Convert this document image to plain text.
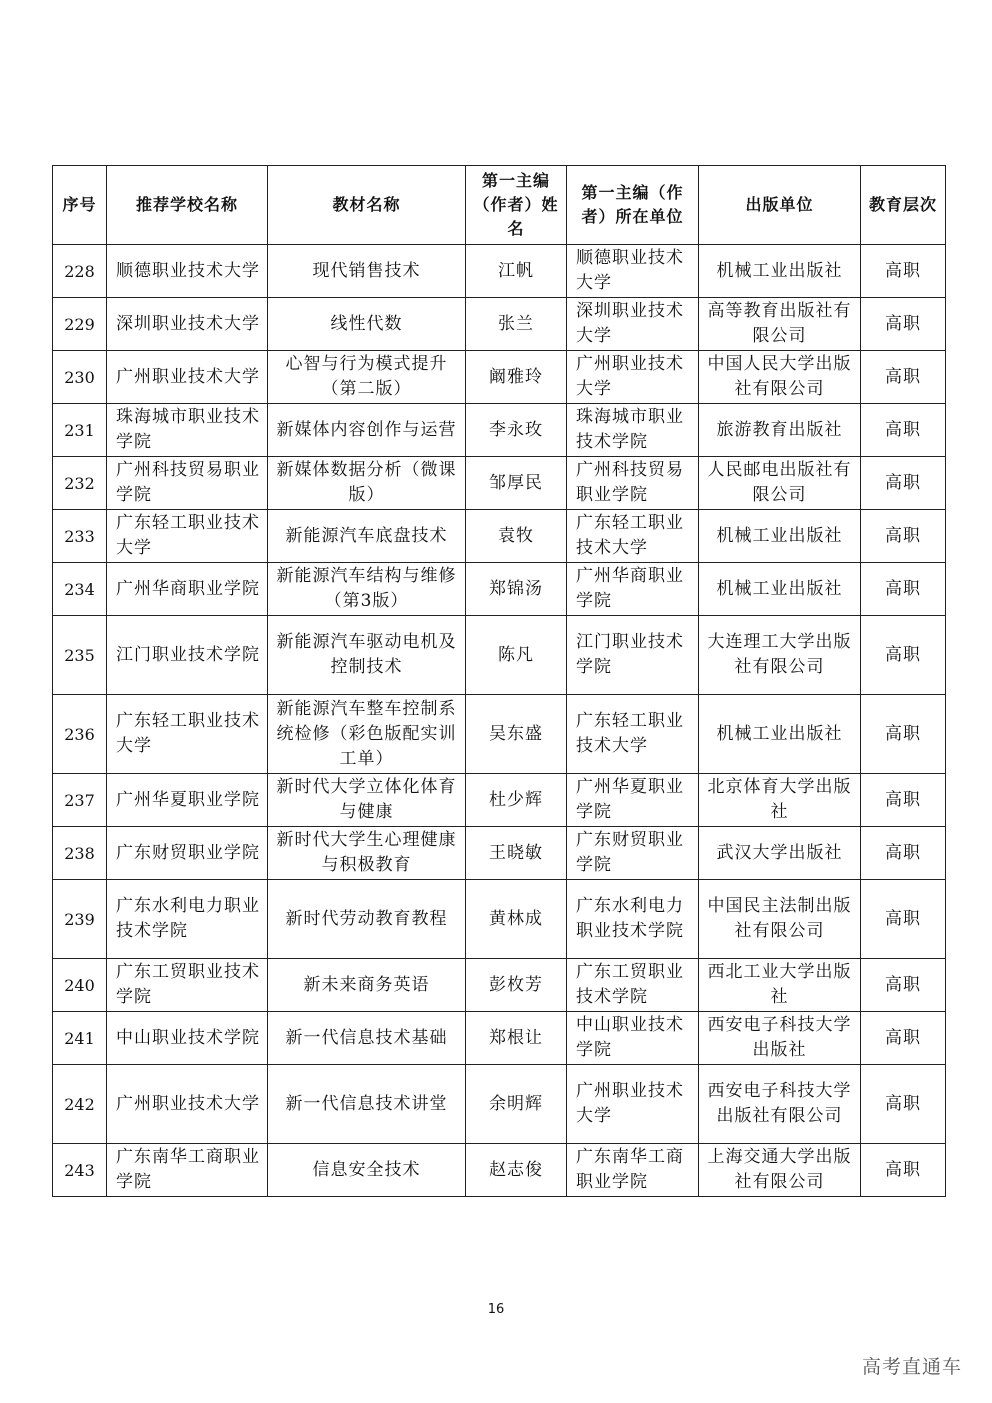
序号	推荐学校名称	教材名称	第一主编（作者）姓名	第一主编（作者）所在单位	出版单位	教育层次
228	顺德职业技术大学	现代销售技术	江帆	顺德职业技术大学	机械工业出版社	高职
229	深圳职业技术大学	线性代数	张兰	深圳职业技术大学	高等教育出版社有限公司	高职
230	广州职业技术大学	心智与行为模式提升（第二版）	阚雅玲	广州职业技术大学	中国人民大学出版社有限公司	高职
231	珠海城市职业技术学院	新媒体内容创作与运营	李永玫	珠海城市职业技术学院	旅游教育出版社	高职
232	广州科技贸易职业学院	新媒体数据分析（微课版）	邹厚民	广州科技贸易职业学院	人民邮电出版社有限公司	高职
233	广东轻工职业技术大学	新能源汽车底盘技术	袁牧	广东轻工职业技术大学	机械工业出版社	高职
234	广州华商职业学院	新能源汽车结构与维修（第3版）	郑锦汤	广州华商职业学院	机械工业出版社	高职
235	江门职业技术学院	新能源汽车驱动电机及控制技术	陈凡	江门职业技术学院	大连理工大学出版社有限公司	高职
236	广东轻工职业技术大学	新能源汽车整车控制系统检修（彩色版配实训工单）	吴东盛	广东轻工职业技术大学	机械工业出版社	高职
237	广州华夏职业学院	新时代大学立体化体育与健康	杜少辉	广州华夏职业学院	北京体育大学出版社	高职
238	广东财贸职业学院	新时代大学生心理健康与积极教育	王晓敏	广东财贸职业学院	武汉大学出版社	高职
239	广东水利电力职业技术学院	新时代劳动教育教程	黄林成	广东水利电力职业技术学院	中国民主法制出版社有限公司	高职
240	广东工贸职业技术学院	新未来商务英语	彭枚芳	广东工贸职业技术学院	西北工业大学出版社	高职
241	中山职业技术学院	新一代信息技术基础	郑根让	中山职业技术学院	西安电子科技大学出版社	高职
242	广州职业技术大学	新一代信息技术讲堂	余明辉	广州职业技术大学	西安电子科技大学出版社有限公司	高职
243	广东南华工商职业学院	信息安全技术	赵志俊	广东南华工商职业学院	上海交通大学出版社有限公司	高职
16
高考直通车
